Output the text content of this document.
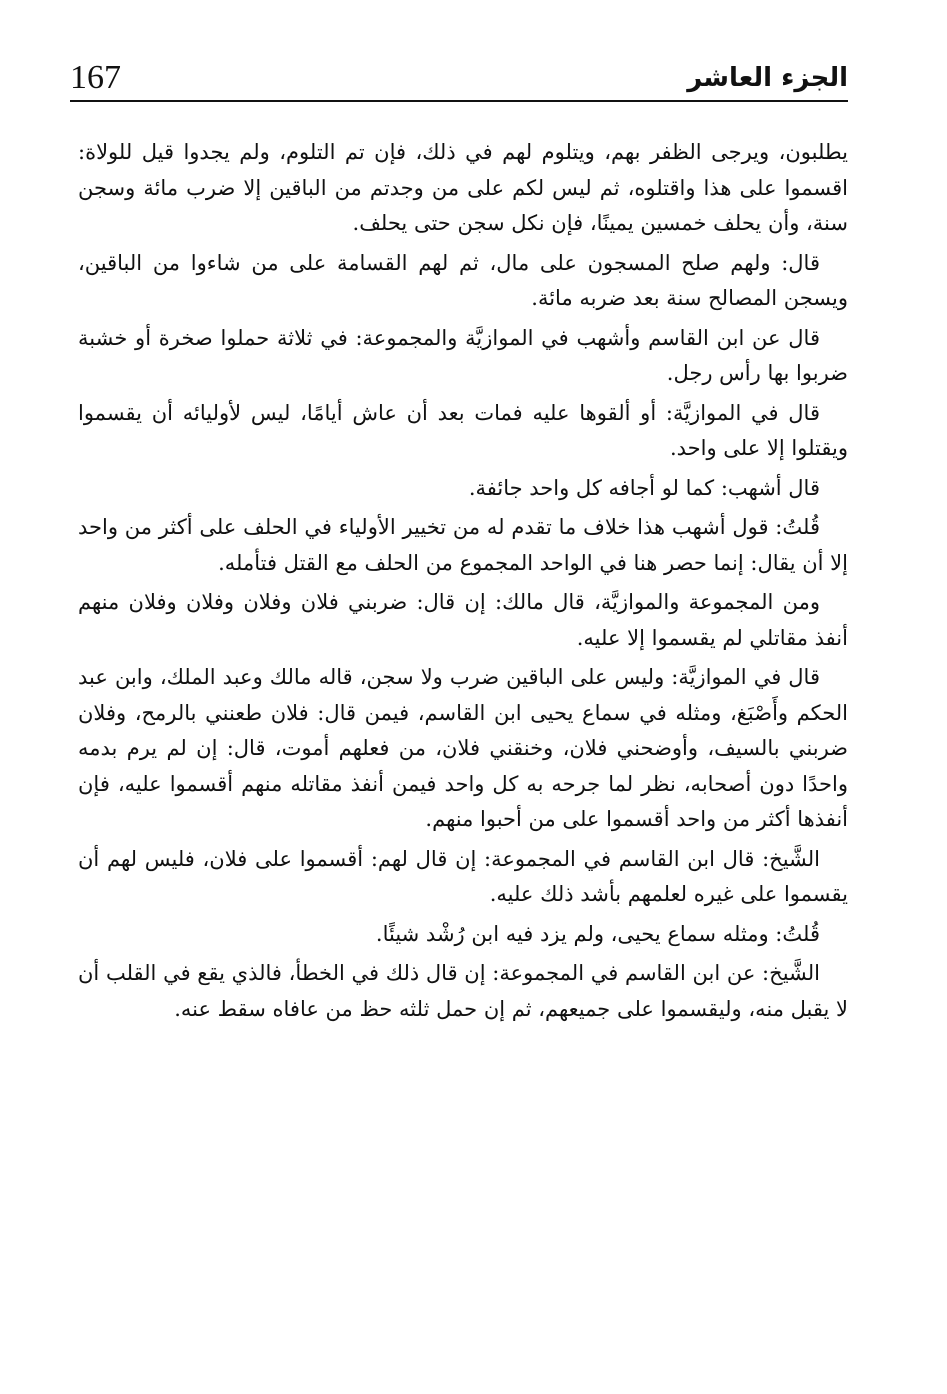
167	الجزء العاشر

يطلبون، ويرجى الظفر بهم، ويتلوم لهم في ذلك، فإن تم التلوم، ولم يجدوا قيل للولاة: اقسموا على هذا واقتلوه، ثم ليس لكم على من وجدتم من الباقين إلا ضرب مائة وسجن سنة، وأن يحلف خمسين يمينًا، فإن نكل سجن حتى يحلف.

قال: ولهم صلح المسجون على مال، ثم لهم القسامة على من شاءوا من الباقين، ويسجن المصالح سنة بعد ضربه مائة.

قال عن ابن القاسم وأشهب في الموازيَّة والمجموعة: في ثلاثة حملوا صخرة أو خشبة ضربوا بها رأس رجل.

قال في الموازيَّة: أو ألقوها عليه فمات بعد أن عاش أيامًا، ليس لأوليائه أن يقسموا ويقتلوا إلا على واحد.

قال أشهب: كما لو أجافه كل واحد جائفة.

قُلتُ: قول أشهب هذا خلاف ما تقدم له من تخيير الأولياء في الحلف على أكثر من واحد إلا أن يقال: إنما حصر هنا في الواحد المجموع من الحلف مع القتل فتأمله.

ومن المجموعة والموازيَّة، قال مالك: إن قال: ضربني فلان وفلان وفلان وفلان منهم أنفذ مقاتلي لم يقسموا إلا عليه.

قال في الموازيَّة: وليس على الباقين ضرب ولا سجن، قاله مالك وعبد الملك، وابن عبد الحكم وأَصْبَغ، ومثله في سماع يحيى ابن القاسم، فيمن قال: فلان طعنني بالرمح، وفلان ضربني بالسيف، وأوضحني فلان، وخنقني فلان، من فعلهم أموت، قال: إن لم يرم بدمه واحدًا دون أصحابه، نظر لما جرحه به كل واحد فيمن أنفذ مقاتله منهم أقسموا عليه، فإن أنفذها أكثر من واحد أقسموا على من أحبوا منهم.

الشَّيخ: قال ابن القاسم في المجموعة: إن قال لهم: أقسموا على فلان، فليس لهم أن يقسموا على غيره لعلمهم بأشد ذلك عليه.

قُلتُ: ومثله سماع يحيى، ولم يزد فيه ابن رُشْد شيئًا.

الشَّيخ: عن ابن القاسم في المجموعة: إن قال ذلك في الخطأ، فالذي يقع في القلب أن لا يقبل منه، وليقسموا على جميعهم، ثم إن حمل ثلثه حظ من عافاه سقط عنه.
